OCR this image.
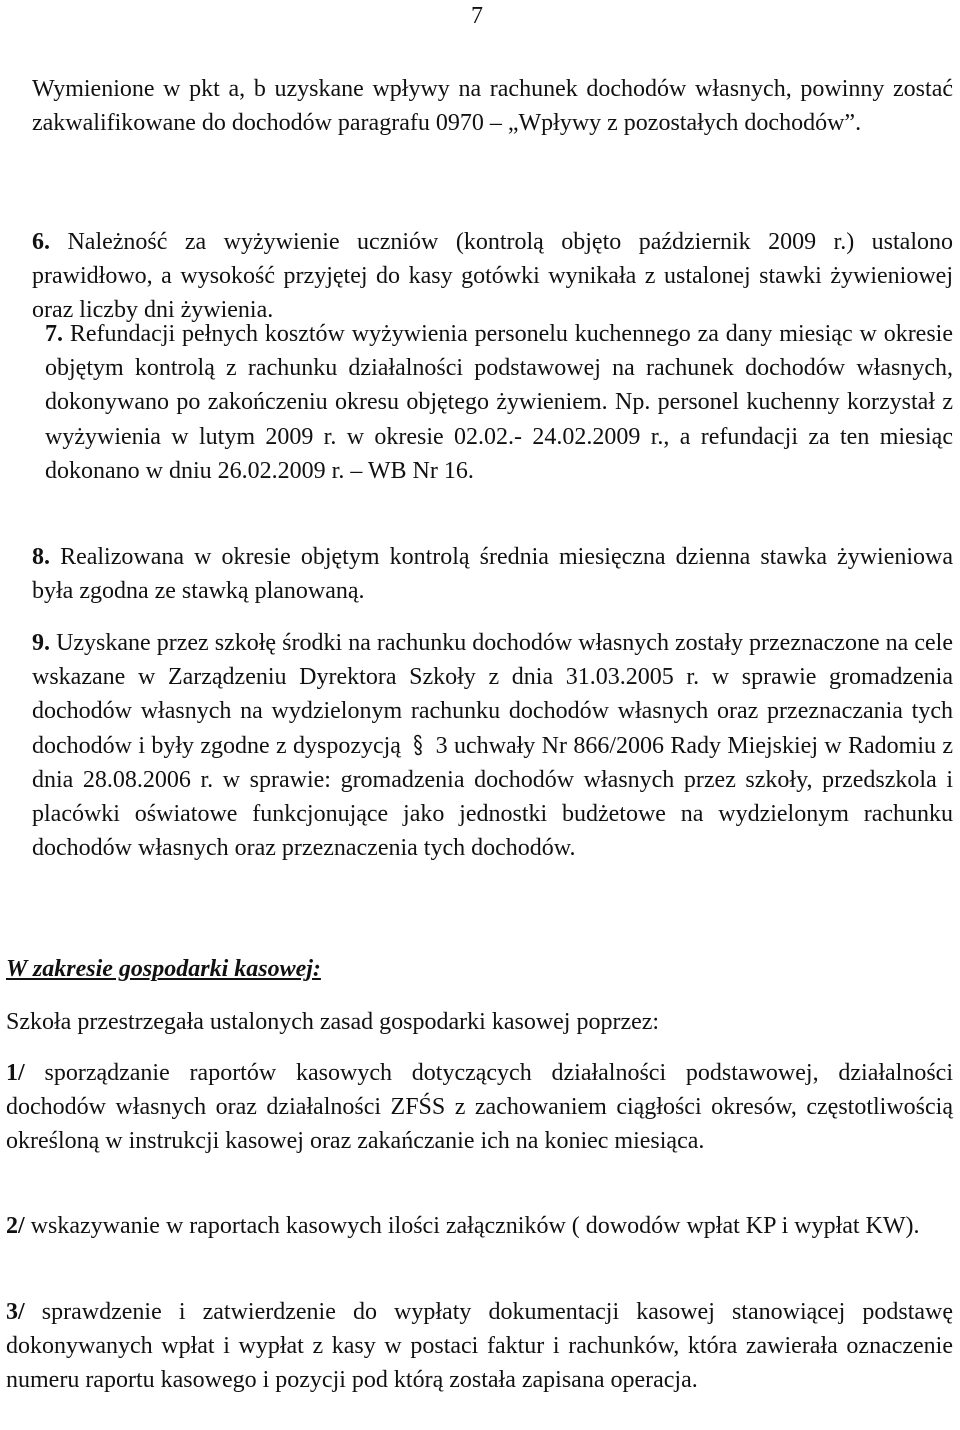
7
Wymienione w pkt a, b uzyskane wpływy na rachunek dochodów własnych, powinny zostać zakwalifikowane do dochodów paragrafu 0970 – „Wpływy z pozostałych dochodów”.
6. Należność za wyżywienie uczniów (kontrolą objęto październik 2009 r.) ustalono prawidłowo, a wysokość przyjętej do kasy gotówki wynikała z ustalonej stawki żywieniowej oraz liczby dni żywienia.
7. Refundacji pełnych kosztów wyżywienia personelu kuchennego za dany miesiąc w okresie objętym kontrolą z rachunku działalności podstawowej na rachunek dochodów własnych, dokonywano po zakończeniu okresu objętego żywieniem. Np. personel kuchenny korzystał z wyżywienia w lutym 2009 r. w okresie 02.02.- 24.02.2009 r., a refundacji za ten miesiąc dokonano w dniu 26.02.2009 r. – WB Nr 16.
8. Realizowana w okresie objętym kontrolą średnia miesięczna dzienna stawka żywieniowa była zgodna ze stawką planowaną.
9. Uzyskane przez szkołę środki na rachunku dochodów własnych zostały przeznaczone na cele wskazane w Zarządzeniu Dyrektora Szkoły z dnia 31.03.2005 r. w sprawie gromadzenia dochodów własnych na wydzielonym rachunku dochodów własnych oraz przeznaczania tych dochodów i były zgodne z dyspozycją 3 uchwały Nr 866/2006 Rady Miejskiej w Radomiu z dnia 28.08.2006 r. w sprawie: gromadzenia dochodów własnych przez szkoły, przedszkola i placówki oświatowe funkcjonujące jako jednostki budżetowe na wydzielonym rachunku dochodów własnych oraz przeznaczenia tych dochodów.
W zakresie gospodarki kasowej:
Szkoła przestrzegała ustalonych zasad gospodarki kasowej poprzez:
1/ sporządzanie raportów kasowych dotyczących działalności podstawowej, działalności dochodów własnych oraz działalności ZFŚS z zachowaniem ciągłości okresów, częstotliwością określoną w instrukcji kasowej oraz zakańczanie ich na koniec miesiąca.
2/ wskazywanie w raportach kasowych ilości załączników ( dowodów wpłat KP i wypłat KW).
3/ sprawdzenie i zatwierdzenie do wypłaty dokumentacji kasowej stanowiącej podstawę dokonywanych wpłat i wypłat z kasy w postaci faktur i rachunków, która zawierała oznaczenie numeru raportu kasowego i pozycji pod którą została zapisana operacja.
